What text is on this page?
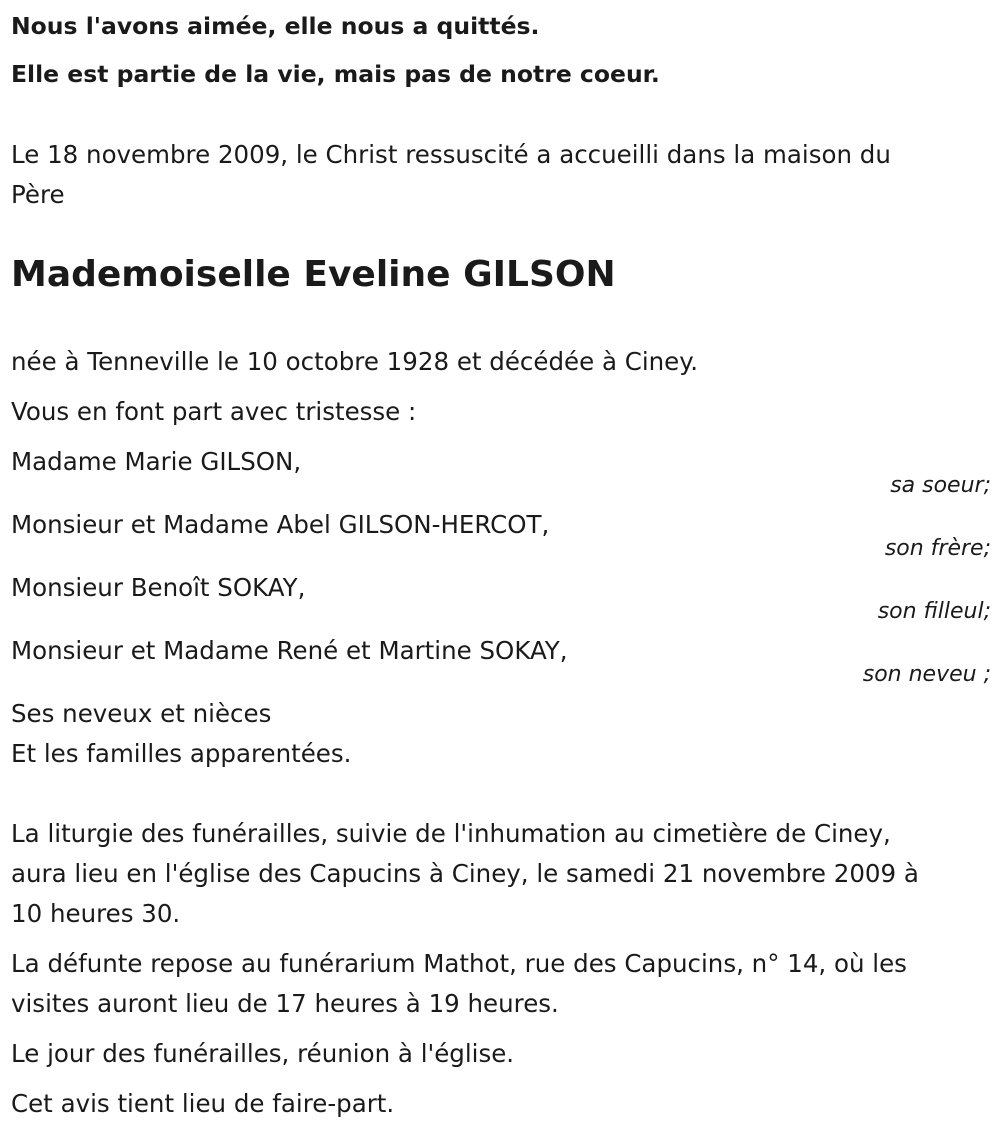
Nous l'avons aimée, elle nous a quittés.
Elle est partie de la vie, mais pas de notre coeur.
Le 18 novembre 2009, le Christ ressuscité a accueilli dans la maison du
Père
Mademoiselle Eveline GILSON
née à Tenneville le 10 octobre 1928 et décédée à Ciney.
Vous en font part avec tristesse :
Madame Marie GILSON,
sa soeur;
Monsieur et Madame Abel GILSON-HERCOT,
son frère;
Monsieur Benoît SOKAY,
son filleul;
Monsieur et Madame René et Martine SOKAY,
son neveu ;
Ses neveux et nièces
Et les familles apparentées.
La liturgie des funérailles, suivie de l'inhumation au cimetière de Ciney,
aura lieu en l'église des Capucins à Ciney, le samedi 21 novembre 2009 à
10 heures 30.
La défunte repose au funérarium Mathot, rue des Capucins, n° 14, où les
visites auront lieu de 17 heures à 19 heures.
Le jour des funérailles, réunion à l'église.
Cet avis tient lieu de faire-part.
